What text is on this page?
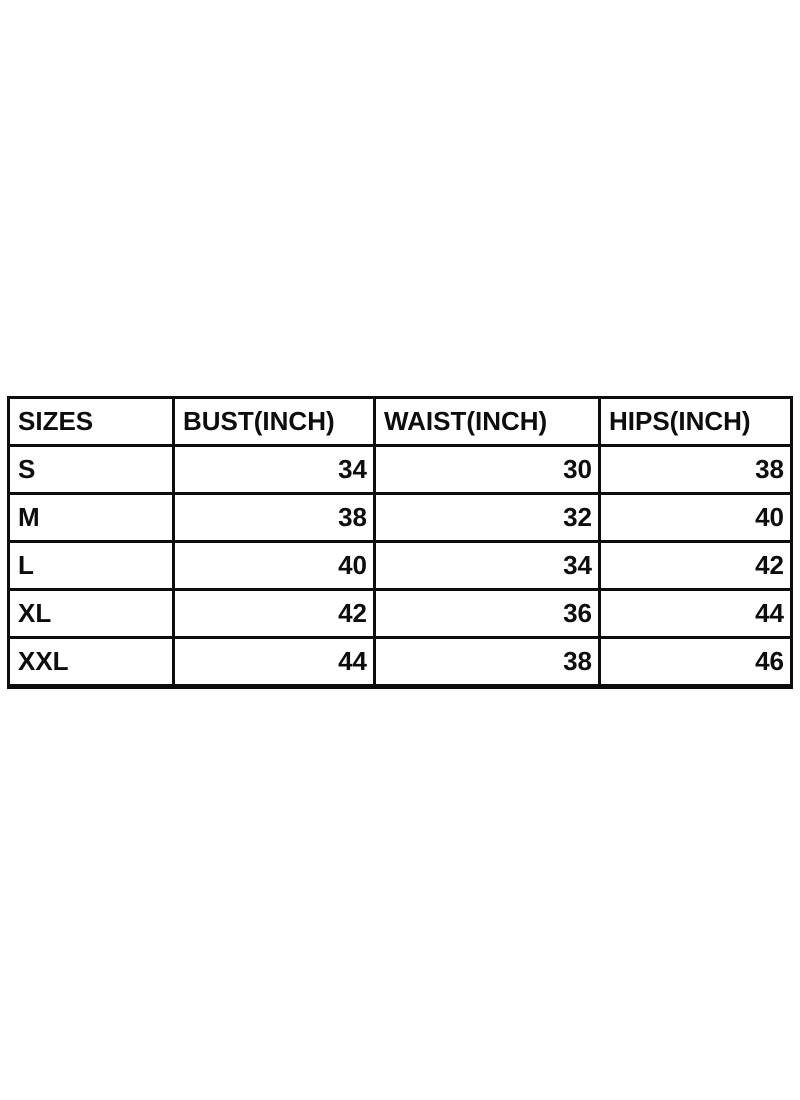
SIZES	BUST(INCH)	WAIST(INCH)	HIPS(INCH)
S	34	30	38
M	38	32	40
L	40	34	42
XL	42	36	44
XXL	44	38	46
